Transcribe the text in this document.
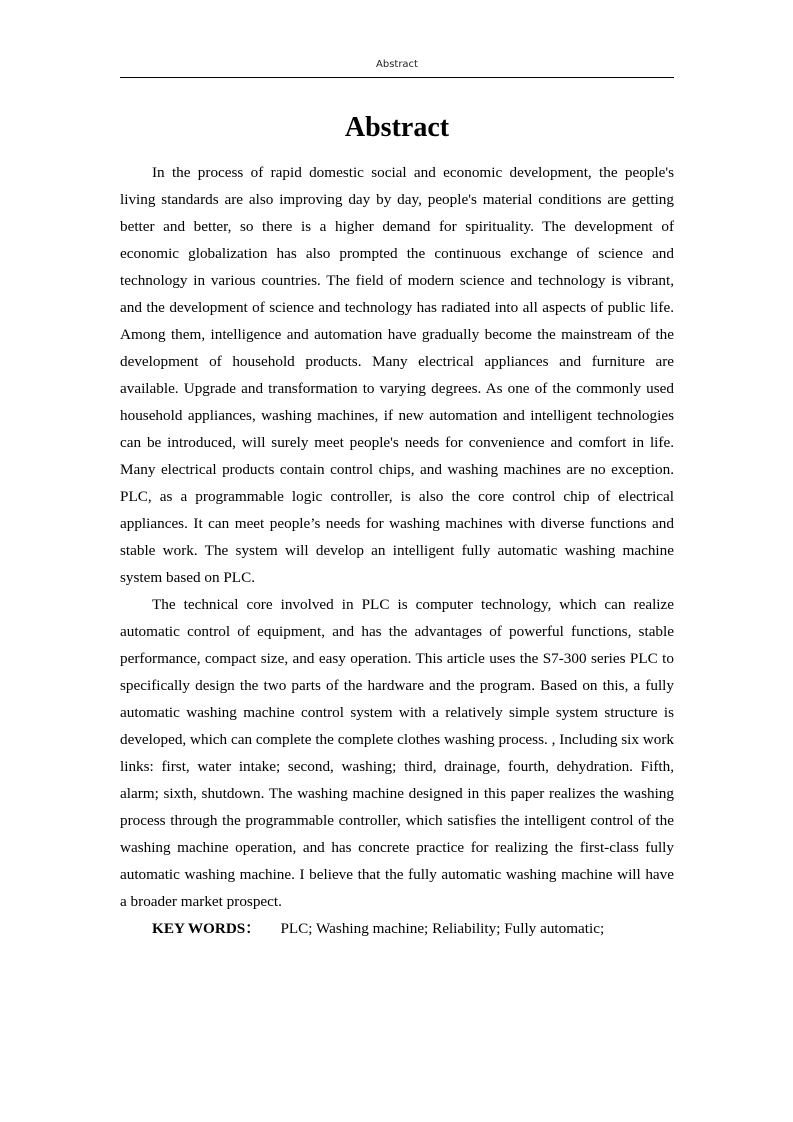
Abstract
Abstract

In the process of rapid domestic social and economic development, the people's living standards are also improving day by day, people's material conditions are getting better and better, so there is a higher demand for spirituality. The development of economic globalization has also prompted the continuous exchange of science and technology in various countries. The field of modern science and technology is vibrant, and the development of science and technology has radiated into all aspects of public life. Among them, intelligence and automation have gradually become the mainstream of the development of household products. Many electrical appliances and furniture are available. Upgrade and transformation to varying degrees. As one of the commonly used household appliances, washing machines, if new automation and intelligent technologies can be introduced, will surely meet people's needs for convenience and comfort in life. Many electrical products contain control chips, and washing machines are no exception. PLC, as a programmable logic controller, is also the core control chip of electrical appliances. It can meet people’s needs for washing machines with diverse functions and stable work. The system will develop an intelligent fully automatic washing machine system based on PLC.

The technical core involved in PLC is computer technology, which can realize automatic control of equipment, and has the advantages of powerful functions, stable performance, compact size, and easy operation. This article uses the S7-300 series PLC to specifically design the two parts of the hardware and the program. Based on this, a fully automatic washing machine control system with a relatively simple system structure is developed, which can complete the complete clothes washing process. , Including six work links: first, water intake; second, washing; third, drainage, fourth, dehydration. Fifth, alarm; sixth, shutdown. The washing machine designed in this paper realizes the washing process through the programmable controller, which satisfies the intelligent control of the washing machine operation, and has concrete practice for realizing the first-class fully automatic washing machine. I believe that the fully automatic washing machine will have a broader market prospect.

KEY WORDS： PLC; Washing machine; Reliability; Fully automatic;
